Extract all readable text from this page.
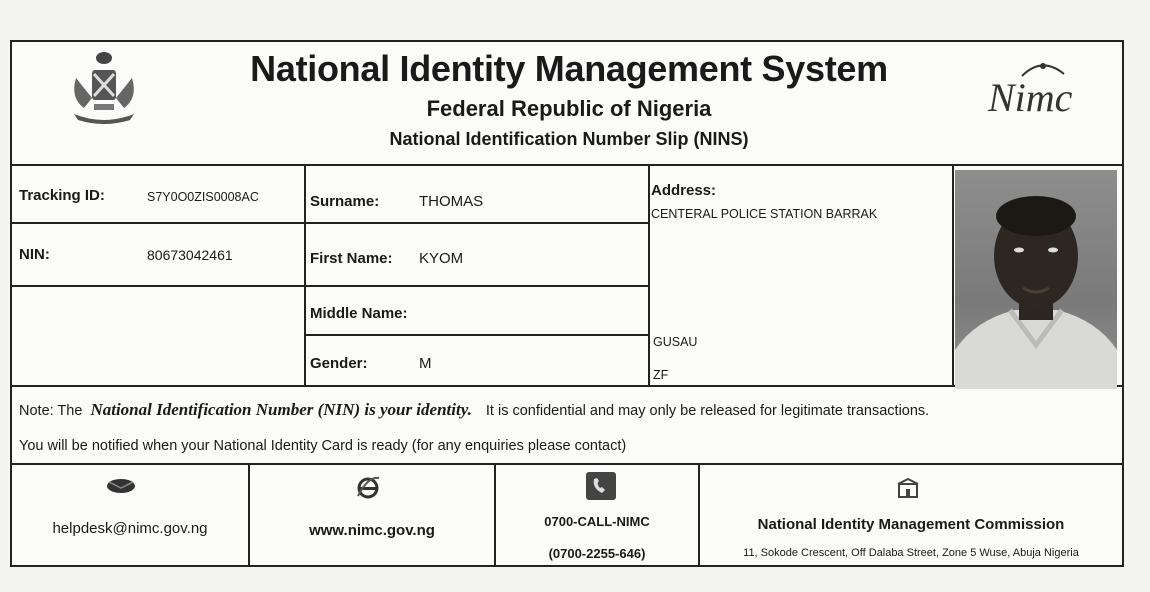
National Identity Management System
Federal Republic of Nigeria
National Identification Number Slip (NINS)
Nimc
Tracking ID:	S7Y0O0ZIS0008AC
NIN:	80673042461
Surname:	THOMAS
First Name: KYOM
Middle Name:
Gender:	M
Address:
CENTERAL POLICE STATION BARRAK
GUSAU
ZF
Note: The National Identification Number (NIN) is your identity. It is confidential and may only be released for legitimate transactions.
You will be notified when your National Identity Card is ready (for any enquiries please contact)
helpdesk@nimc.gov.ng	www.nimc.gov.ng
0700-CALL-NIMC
(0700-2255-646)
National Identity Management Commission
11, Sokode Crescent, Off Dalaba Street, Zone 5 Wuse, Abuja Nigeria
